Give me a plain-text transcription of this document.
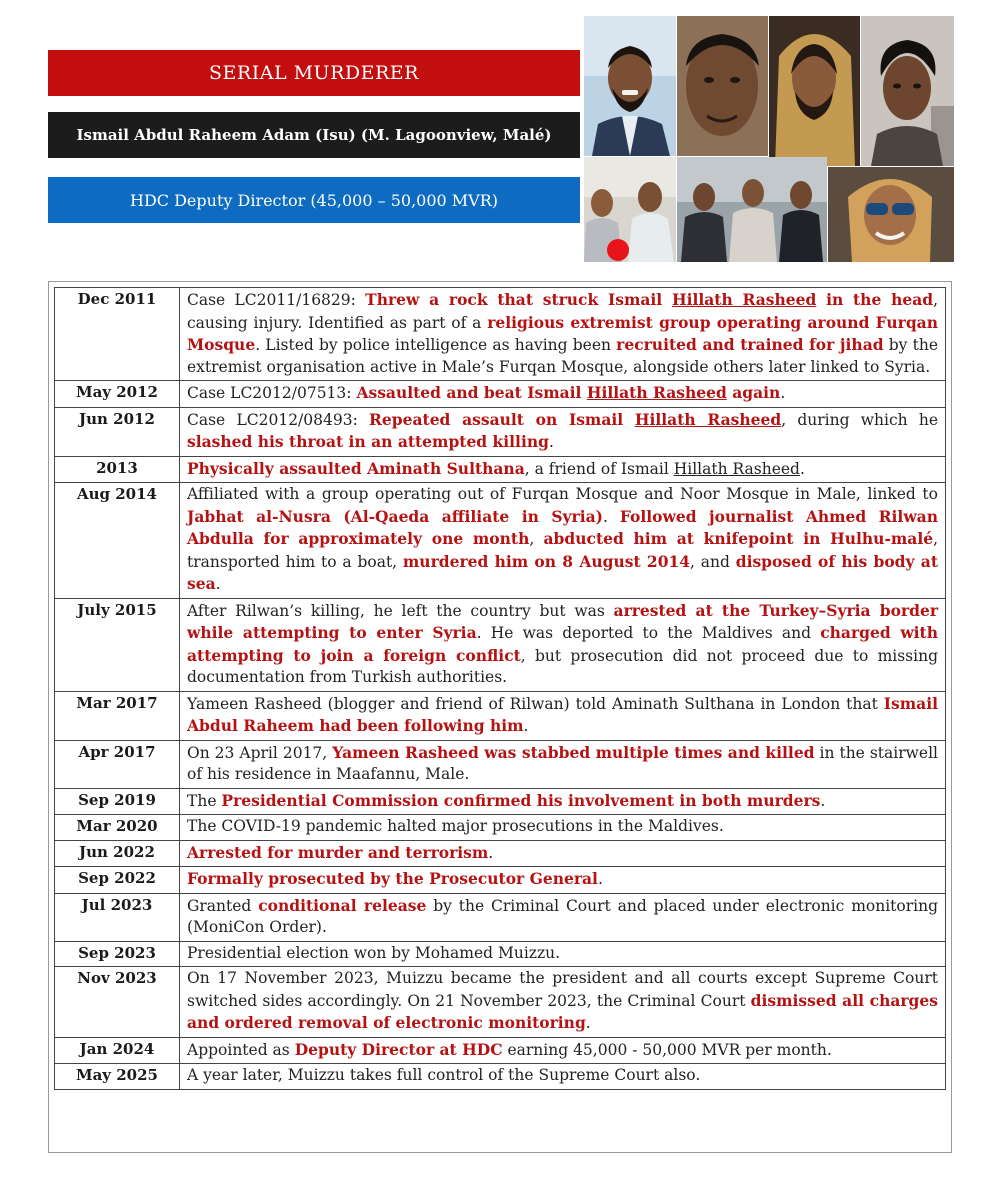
SERIAL MURDERER
Ismail Abdul Raheem Adam (Isu) (M. Lagoonview, Malé)
HDC Deputy Director (45,000 – 50,000 MVR)
Dec 2011	Case LC2011/16829: Threw a rock that struck Ismail Hillath Rasheed in the head, causing injury. Identified as part of a religious extremist group operating around Furqan Mosque. Listed by police intelligence as having been recruited and trained for jihad by the extremist organisation active in Male’s Furqan Mosque, alongside others later linked to Syria.
May 2012	Case LC2012/07513: Assaulted and beat Ismail Hillath Rasheed again.
Jun 2012	Case LC2012/08493: Repeated assault on Ismail Hillath Rasheed, during which he slashed his throat in an attempted killing.
2013	Physically assaulted Aminath Sulthana, a friend of Ismail Hillath Rasheed.
Aug 2014	Affiliated with a group operating out of Furqan Mosque and Noor Mosque in Male, linked to Jabhat al-Nusra (Al-Qaeda affiliate in Syria). Followed journalist Ahmed Rilwan Abdulla for approximately one month, abducted him at knifepoint in Hulhu-malé, transported him to a boat, murdered him on 8 August 2014, and disposed of his body at sea.
July 2015	After Rilwan’s killing, he left the country but was arrested at the Turkey–Syria border while attempting to enter Syria. He was deported to the Maldives and charged with attempting to join a foreign conflict, but prosecution did not proceed due to missing documentation from Turkish authorities.
Mar 2017	Yameen Rasheed (blogger and friend of Rilwan) told Aminath Sulthana in London that Ismail Abdul Raheem had been following him.
Apr 2017	On 23 April 2017, Yameen Rasheed was stabbed multiple times and killed in the stairwell of his residence in Maafannu, Male.
Sep 2019	The Presidential Commission confirmed his involvement in both murders.
Mar 2020	The COVID-19 pandemic halted major prosecutions in the Maldives.
Jun 2022	Arrested for murder and terrorism.
Sep 2022	Formally prosecuted by the Prosecutor General.
Jul 2023	Granted conditional release by the Criminal Court and placed under electronic monitoring (MoniCon Order).
Sep 2023	Presidential election won by Mohamed Muizzu.
Nov 2023	On 17 November 2023, Muizzu became the president and all courts except Supreme Court switched sides accordingly. On 21 November 2023, the Criminal Court dismissed all charges and ordered removal of electronic monitoring.
Jan 2024	Appointed as Deputy Director at HDC earning 45,000 - 50,000 MVR per month.
May 2025	A year later, Muizzu takes full control of the Supreme Court also.
